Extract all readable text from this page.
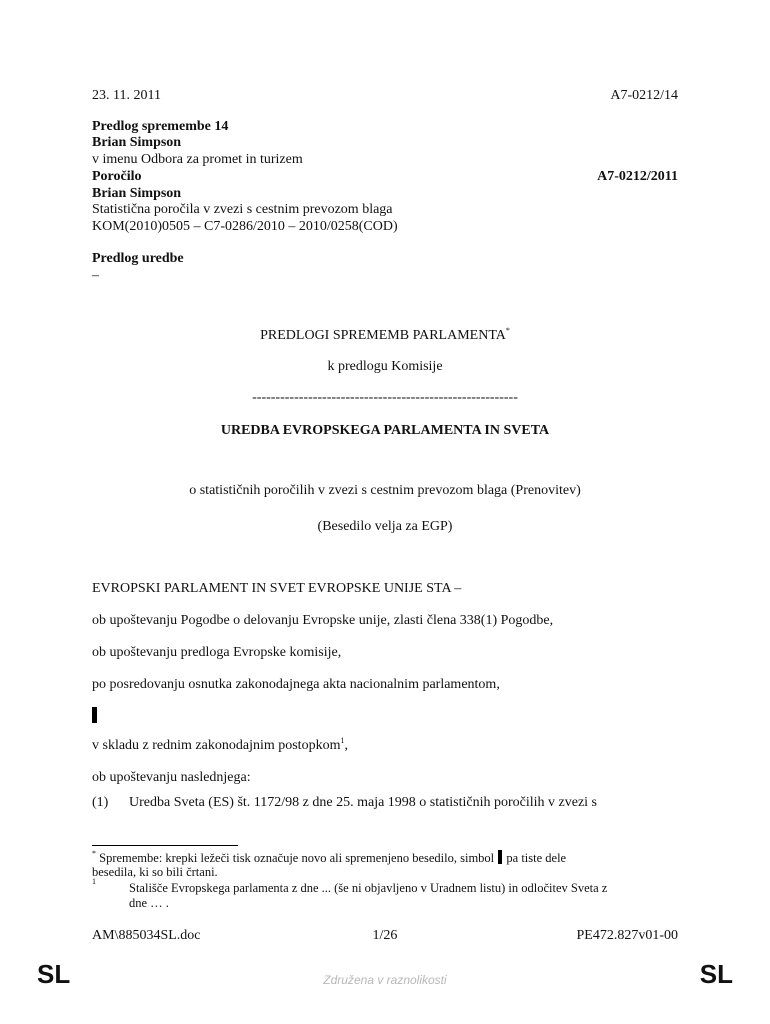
23. 11. 2011	A7-0212/14
Predlog spremembe 14
Brian Simpson
v imenu Odbora za promet in turizem
Poročilo	A7-0212/2011
Brian Simpson
Statistična poročila v zvezi s cestnim prevozom blaga
KOM(2010)0505 – C7-0286/2010 – 2010/0258(COD)
Predlog uredbe
–
PREDLOGI SPREMEMB PARLAMENTA*
k predlogu Komisije
---------------------------------------------------------
UREDBA EVROPSKEGA PARLAMENTA IN SVETA
o statističnih poročilih v zvezi s cestnim prevozom blaga (Prenovitev)
(Besedilo velja za EGP)
EVROPSKI PARLAMENT IN SVET EVROPSKE UNIJE STA –
ob upoštevanju Pogodbe o delovanju Evropske unije, zlasti člena 338(1) Pogodbe,
ob upoštevanju predloga Evropske komisije,
po posredovanju osnutka zakonodajnega akta nacionalnim parlamentom,
v skladu z rednim zakonodajnim postopkom$^1$,
ob upoštevanju naslednjega:
(1) Uredba Sveta (ES) št. 1172/98 z dne 25. maja 1998 o statističnih poročilih v zvezi s
* Spremembe: krepki ležeči tisk označuje novo ali spremenjeno besedilo, simbol pa tiste dele
besedila, ki so bili črtani.
$^1$	Stališče Evropskega parlamenta z dne ... (še ni objavljeno v Uradnem listu) in odločitev Sveta z
dne … .
AM\885034SL.doc	1/26	PE472.827v01-00
SL	SL
Združena v raznolikosti
